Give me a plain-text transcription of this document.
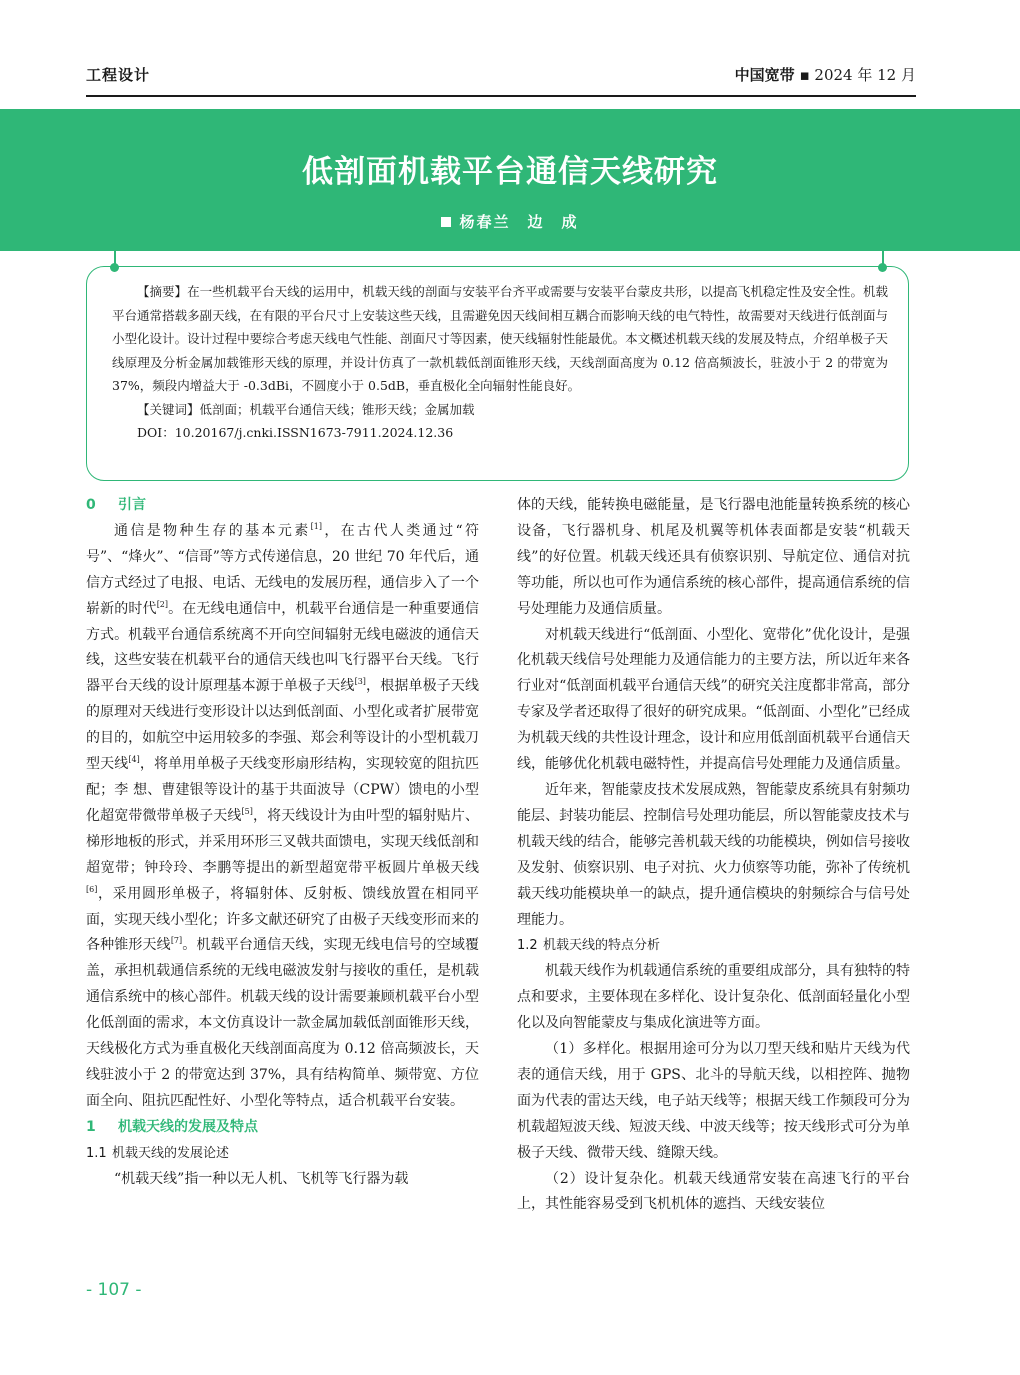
工程设计	中国宽带 ▪ 2024 年 12 月
低剖面机载平台通信天线研究
杨春兰　边　成

【摘要】在一些机载平台天线的运用中，机载天线的剖面与安装平台齐平或需要与安装平台蒙皮共形，以提高飞机稳定性及安全性。机载平台通常搭载多副天线，在有限的平台尺寸上安装这些天线，且需避免因天线间相互耦合而影响天线的电气特性，故需要对天线进行低剖面与小型化设计。设计过程中要综合考虑天线电气性能、剖面尺寸等因素，使天线辐射性能最优。本文概述机载天线的发展及特点，介绍单极子天线原理及分析金属加载锥形天线的原理，并设计仿真了一款机载低剖面锥形天线，天线剖面高度为 0.12 倍高频波长，驻波小于 2 的带宽为 37%，频段内增益大于 -0.3dBi，不圆度小于 0.5dB，垂直极化全向辐射性能良好。

【关键词】低剖面；机载平台通信天线；锥形天线；金属加载

DOI：10.20167/j.cnki.ISSN1673-7911.2024.12.36

0 引言

通信是物种生存的基本元素[1]，在古代人类通过“符号”、“烽火”、“信哥”等方式传递信息，20 世纪 70 年代后，通信方式经过了电报、电话、无线电的发展历程，通信步入了一个崭新的时代[2]。在无线电通信中，机载平台通信是一种重要通信方式。机载平台通信系统离不开向空间辐射无线电磁波的通信天线，这些安装在机载平台的通信天线也叫飞行器平台天线。飞行器平台天线的设计原理基本源于单极子天线[3]，根据单极子天线的原理对天线进行变形设计以达到低剖面、小型化或者扩展带宽的目的，如航空中运用较多的李强、郑会利等设计的小型机载刀型天线[4]，将单用单极子天线变形扇形结构，实现较宽的阻抗匹配；李 想、曹建银等设计的基于共面波导（CPW）馈电的小型化超宽带微带单极子天线[5]，将天线设计为由叶型的辐射贴片、梯形地板的形式，并采用环形三叉戟共面馈电，实现天线低剖和超宽带；钟玲玲、李鹏等提出的新型超宽带平板圆片单极天线[6]，采用圆形单极子，将辐射体、反射板、馈线放置在相同平面，实现天线小型化；许多文献还研究了由极子天线变形而来的各种锥形天线[7]。机载平台通信天线，实现无线电信号的空域覆盖，承担机载通信系统的无线电磁波发射与接收的重任，是机载通信系统中的核心部件。机载天线的设计需要兼顾机载平台小型化低剖面的需求，本文仿真设计一款金属加载低剖面锥形天线，天线极化方式为垂直极化天线剖面高度为 0.12 倍高频波长，天线驻波小于 2 的带宽达到 37%，具有结构简单、频带宽、方位面全向、阻抗匹配性好、小型化等特点，适合机载平台安装。

1 机载天线的发展及特点

1.1 机载天线的发展论述

“机载天线”指一种以无人机、飞机等飞行器为载

体的天线，能转换电磁能量，是飞行器电池能量转换系统的核心设备，飞行器机身、机尾及机翼等机体表面都是安装“机载天线”的好位置。机载天线还具有侦察识别、导航定位、通信对抗等功能，所以也可作为通信系统的核心部件，提高通信系统的信号处理能力及通信质量。

对机载天线进行“低剖面、小型化、宽带化”优化设计，是强化机载天线信号处理能力及通信能力的主要方法，所以近年来各行业对“低剖面机载平台通信天线”的研究关注度都非常高，部分专家及学者还取得了很好的研究成果。“低剖面、小型化”已经成为机载天线的共性设计理念，设计和应用低剖面机载平台通信天线，能够优化机载电磁特性，并提高信号处理能力及通信质量。

近年来，智能蒙皮技术发展成熟，智能蒙皮系统具有射频功能层、封装功能层、控制信号处理功能层，所以智能蒙皮技术与机载天线的结合，能够完善机载天线的功能模块，例如信号接收及发射、侦察识别、电子对抗、火力侦察等功能，弥补了传统机载天线功能模块单一的缺点，提升通信模块的射频综合与信号处理能力。

1.2 机载天线的特点分析

机载天线作为机载通信系统的重要组成部分，具有独特的特点和要求，主要体现在多样化、设计复杂化、低剖面轻量化小型化以及向智能蒙皮与集成化演进等方面。

（1）多样化。根据用途可分为以刀型天线和贴片天线为代表的通信天线，用于 GPS、北斗的导航天线，以相控阵、抛物面为代表的雷达天线，电子站天线等；根据天线工作频段可分为机载超短波天线、短波天线、中波天线等；按天线形式可分为单极子天线、微带天线、缝隙天线。

（2）设计复杂化。机载天线通常安装在高速飞行的平台上，其性能容易受到飞机机体的遮挡、天线安装位

- 107 -
